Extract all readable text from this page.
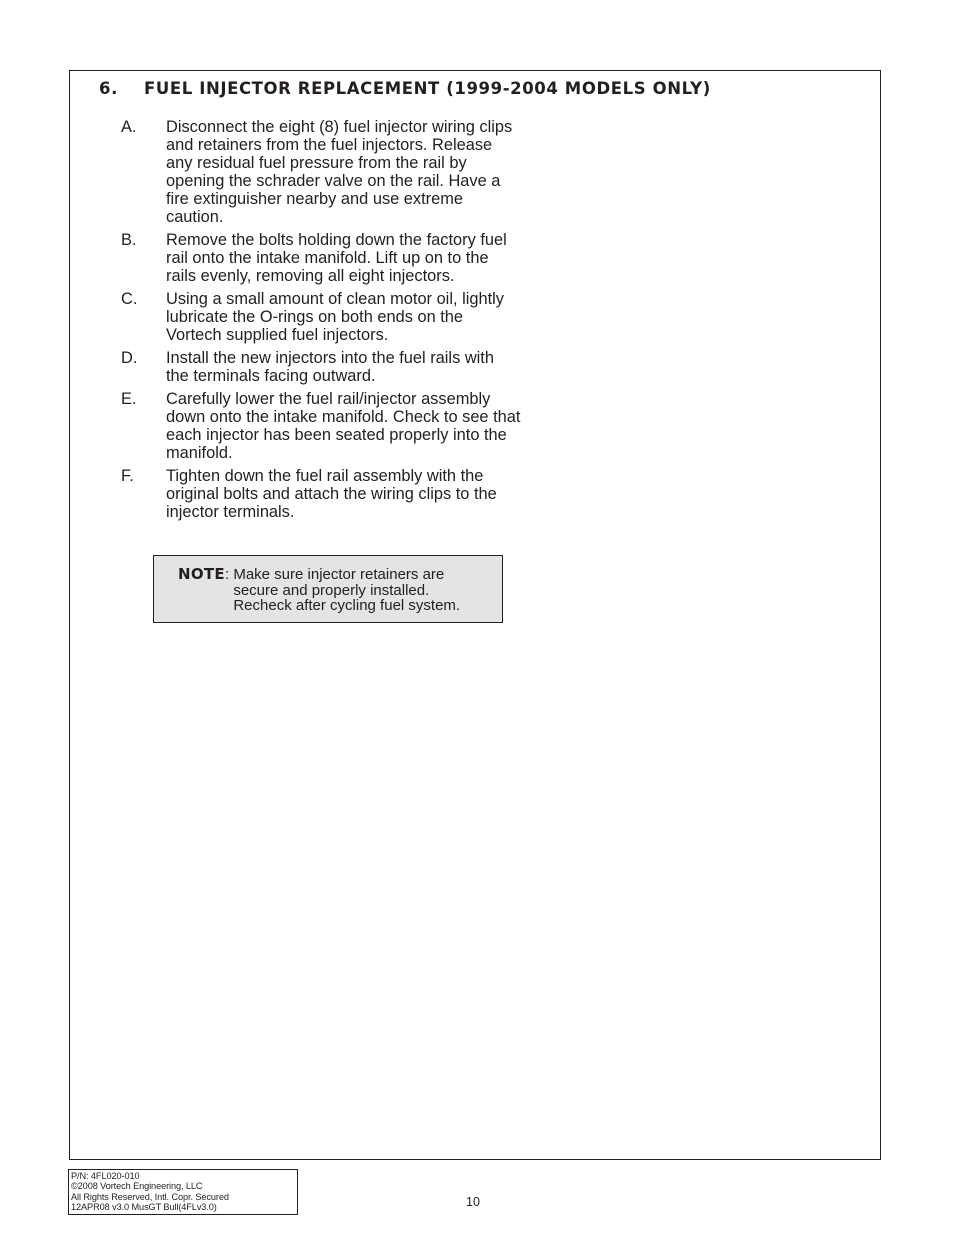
6. FUEL INJECTOR REPLACEMENT (1999-2004 MODELS ONLY)
A.	Disconnect the eight (8) fuel injector wiring clips and retainers from the fuel injectors. Release any residual fuel pressure from the rail by opening the schrader valve on the rail. Have a fire extinguisher nearby and use extreme caution.
B.	Remove the bolts holding down the factory fuel rail onto the intake manifold. Lift up on to the rails evenly, removing all eight injectors.
C.	Using a small amount of clean motor oil, lightly lubricate the O-rings on both ends on the Vortech supplied fuel injectors.
D.	Install the new injectors into the fuel rails with the terminals facing outward.
E.	Carefully lower the fuel rail/injector assembly down onto the intake manifold. Check to see that each injector has been seated properly into the manifold.
F.	Tighten down the fuel rail assembly with the original bolts and attach the wiring clips to the injector terminals.
NOTE: Make sure injector retainers are secure and properly installed. Recheck after cycling fuel system.
P/N: 4FL020-010
©2008 Vortech Engineering, LLC
All Rights Reserved, Intl. Copr. Secured
12APR08 v3.0 MusGT Bull(4FLv3.0)	10
